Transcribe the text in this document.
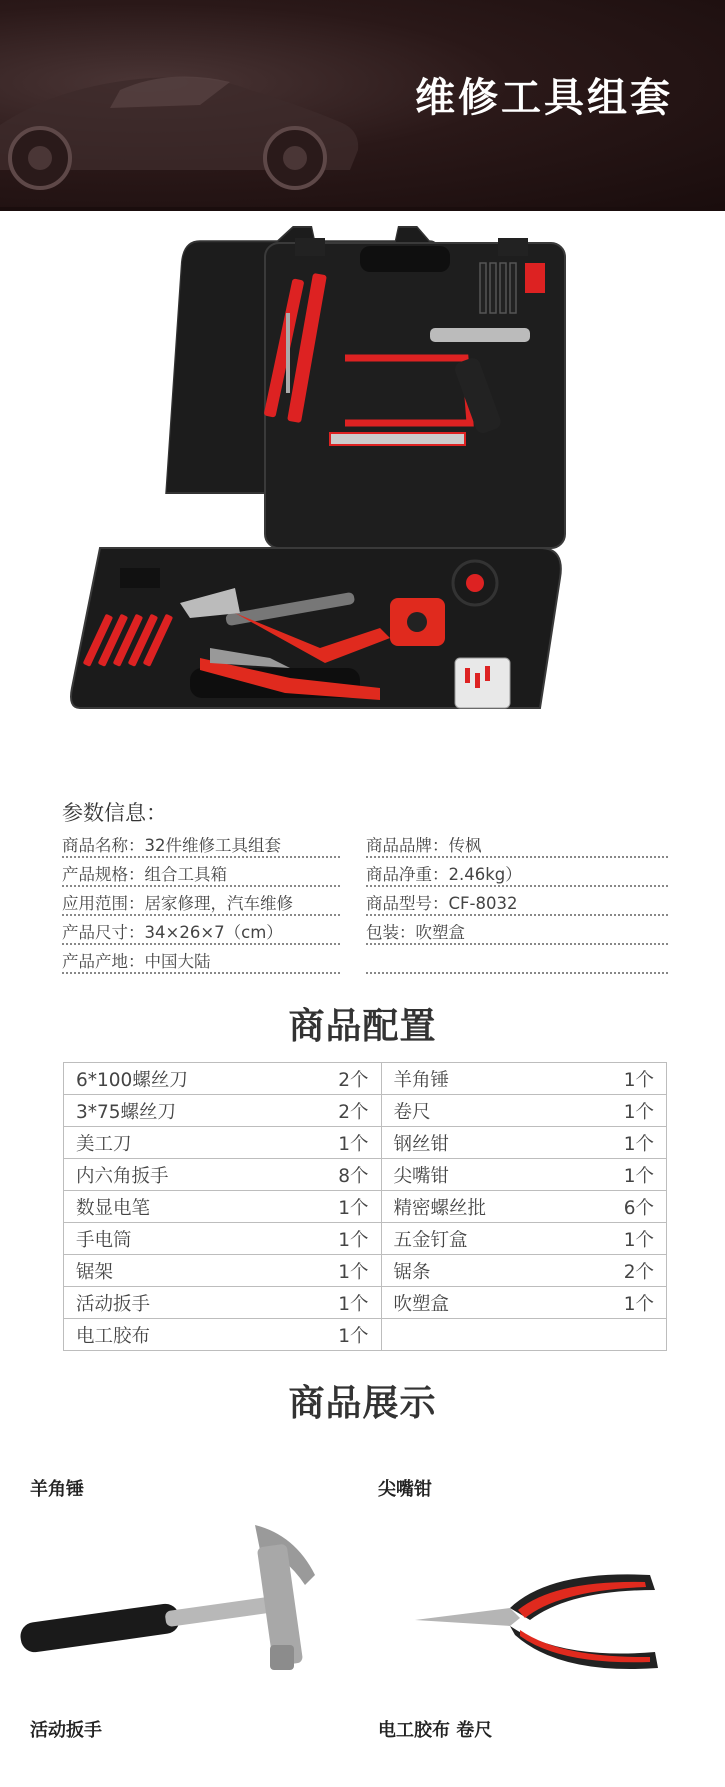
维修工具组套
参数信息：
商品名称：32件维修工具组套
产品规格：组合工具箱
应用范围：居家修理，汽车维修
产品尺寸：34×26×7（cm）
产品产地：中国大陆
商品品牌：传枫
商品净重：2.46kg）
商品型号：CF-8032
包装：吹塑盒
商品配置
6*100螺丝刀	2个	羊角锤	1个
3*75螺丝刀	2个	卷尺	1个
美工刀	1个	钢丝钳	1个
内六角扳手	8个	尖嘴钳	1个
数显电笔	1个	精密螺丝批	6个
手电筒	1个	五金钉盒	1个
锯架	1个	锯条	2个
活动扳手	1个	吹塑盒	1个
电工胶布	1个		
商品展示
羊角锤	尖嘴钳
活动扳手	电工胶布 卷尺
